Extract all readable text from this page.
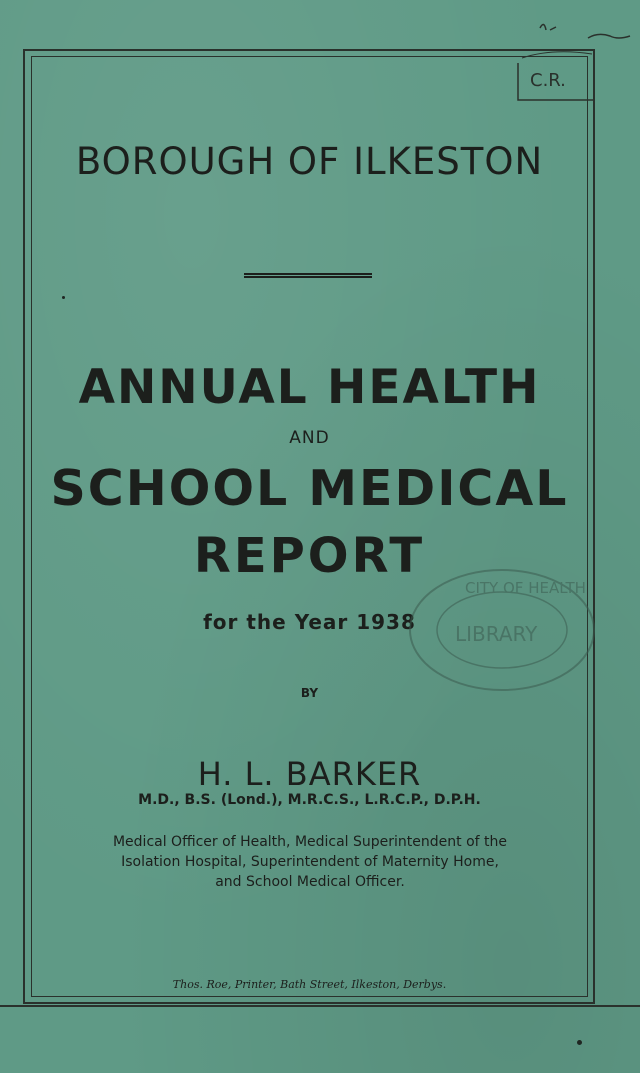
C.R.
BOROUGH OF ILKESTON
ANNUAL HEALTH
AND
SCHOOL MEDICAL
REPORT
for the Year 1938
BY
H. L. BARKER
M.D., B.S. (Lond.), M.R.C.S., L.R.C.P., D.P.H.
Medical Officer of Health, Medical Superintendent of the Isolation Hospital, Superintendent of Maternity Home, and School Medical Officer.
Thos. Roe, Printer, Bath Street, Ilkeston, Derbys.
CITY OF HEALTH
LIBRARY
